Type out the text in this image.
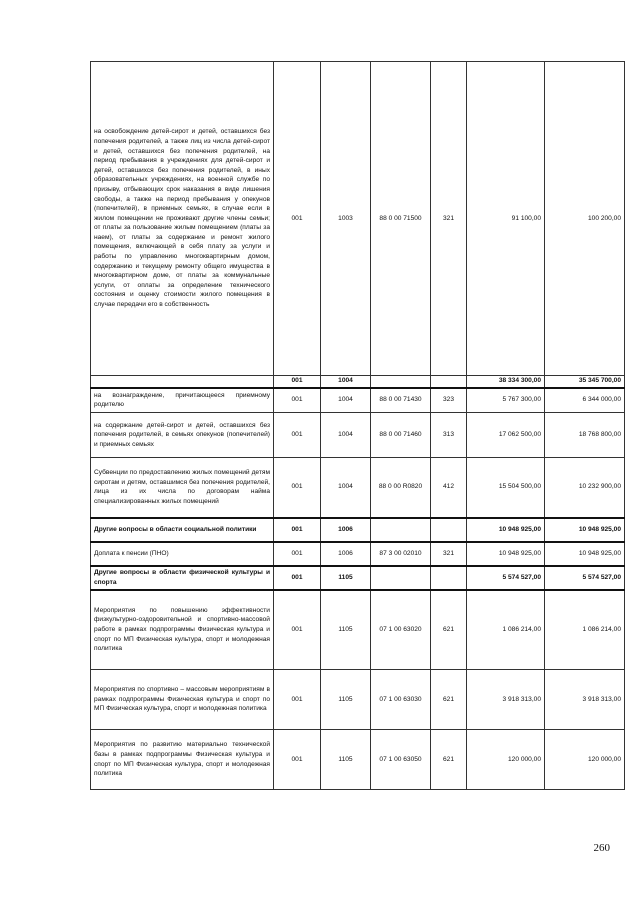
на освобождение детей-сирот и детей, оставшихся без попечения родителей, а также лиц из числа детей-сирот и детей, оставшихся без попечения родителей, на период пребывания в учреждениях для детей-сирот и детей, оставшихся без попечения родителей, в иных образовательных учреждениях, на военной службе по призыву, отбывающих срок наказания в виде лишения свободы, а также на период пребывания у опекунов (попечителей), в приемных семьях, в случае если в жилом помещении не проживают другие члены семьи; от платы за пользование жилым помещением (платы за наем), от платы за содержание и ремонт жилого помещения, включающей в себя плату за услуги и работы по управлению многоквартирным домом, содержанию и текущему ремонту общего имущества в многоквартирном доме, от платы за коммунальные услуги, от оплаты за определение технического состояния и оценку стоимости жилого помещения в случае передачи его в собственность	001	1003	88 0 00 71500	321	91 100,00	100 200,00
	001	1004			38 334 300,00	35 345 700,00
на вознаграждение, причитающееся приемному родителю	001	1004	88 0 00 71430	323	5 767 300,00	6 344 000,00
на содержание детей-сирот и детей, оставшихся без попечения родителей, в семьях опекунов (попечителей) и приемных семьях	001	1004	88 0 00 71460	313	17 062 500,00	18 768 800,00
Субвенции по предоставлению жилых помещений детям сиротам и детям, оставшимся без попечения родителей, лица из их числа по договорам найма специализированных жилых помещений	001	1004	88 0 00 R0820	412	15 504 500,00	10 232 900,00
Другие вопросы в области социальной политики	001	1006			10 948 925,00	10 948 925,00
Доплата к пенсии (ПНО)	001	1006	87 3 00 02010	321	10 948 925,00	10 948 925,00
Другие вопросы в области физической культуры и спорта	001	1105			5 574 527,00	5 574 527,00
Мероприятия по повышению эффективности физкультурно-оздоровительной и спортивно-массовой работе в рамках подпрограммы Физическая культура и спорт по МП Физическая культура, спорт и молодежная политика	001	1105	07 1 00 63020	621	1 086 214,00	1 086 214,00
Мероприятия по спортивно – массовым мероприятиям в рамках подпрограммы Физическая культура и спорт по МП Физическая культура, спорт и молодежная политика	001	1105	07 1 00 63030	621	3 918 313,00	3 918 313,00
Мероприятия по развитию материально технической базы в рамках подпрограммы Физическая культура и спорт по МП Физическая культура, спорт и молодежная политика	001	1105	07 1 00 63050	621	120 000,00	120 000,00
260
